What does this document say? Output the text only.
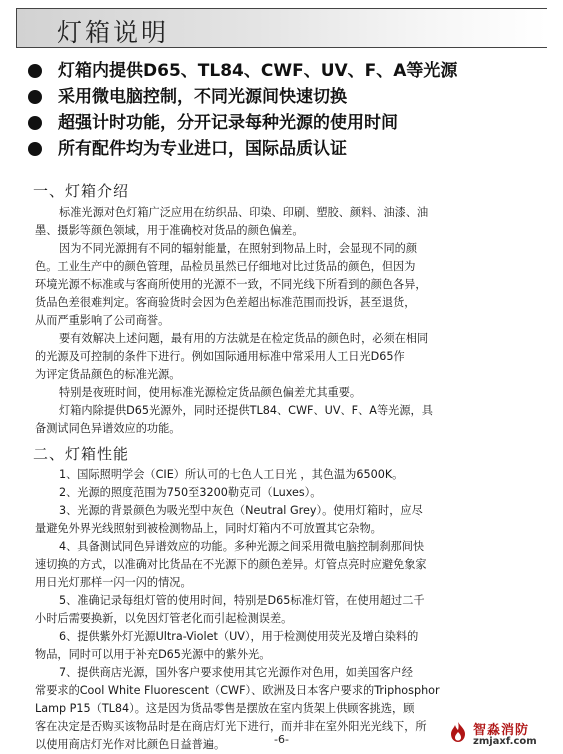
灯箱说明
灯箱内提供D65、TL84、CWF、UV、F、A等光源
采用微电脑控制，不同光源间快速切换
超强计时功能，分开记录每种光源的使用时间
所有配件均为专业进口，国际品质认证
一、灯箱介绍
标准光源对色灯箱广泛应用在纺织品、印染、印刷、塑胶、颜料、油漆、油
墨、摄影等颜色领域，用于准确校对货品的颜色偏差。
因为不同光源拥有不同的辐射能量，在照射到物品上时，会显现不同的颜
色。工业生产中的颜色管理，品检员虽然已仔细地对比过货品的颜色，但因为
环境光源不标准或与客商所使用的光源不一致，不同光线下所看到的颜色各异，
货品色差很难判定。客商验货时会因为色差超出标准范围而投诉，甚至退货，
从而严重影响了公司商誉。
要有效解决上述问题，最有用的方法就是在检定货品的颜色时，必须在相同
的光源及可控制的条件下进行。例如国际通用标准中常采用人工日光D65作
为评定货品颜色的标准光源。
特别是夜班时间，使用标准光源检定货品颜色偏差尤其重要。
灯箱内除提供D65光源外，同时还提供TL84、CWF、UV、F、A等光源，具
备测试同色异谱效应的功能。
二、灯箱性能
1、国际照明学会（CIE）所认可的七色人工日光 ，其色温为6500K。
2、光源的照度范围为750至3200勒克司（Luxes）。
3、光源的背景颜色为吸光型中灰色（Neutral Grey）。使用灯箱时，应尽
量避免外界光线照射到被检测物品上，同时灯箱内不可放置其它杂物。
4、具备测试同色异谱效应的功能。多种光源之间采用微电脑控制刹那间快
速切换的方式，以准确对比货品在不光源下的颜色差异。灯管点亮时应避免象家
用日光灯那样一闪一闪的情况。
5、准确记录每组灯管的使用时间，特别是D65标准灯管，在使用超过二千
小时后需要换新，以免因灯管老化而引起检测误差。
6、提供紫外灯光源Ultra-Violet（UV），用于检测使用荧光及增白染料的
物品，同时可以用于补充D65光源中的紫外光。
7、提供商店光源，国外客户要求使用其它光源作对色用，如美国客户经
常要求的Cool White Fluorescent（CWF）、欧洲及日本客户要求的Triphosphor
Lamp P15（TL84）。这是因为货品零售是摆放在室内货架上供顾客挑选，顾
客在决定是否购买该物品时是在商店灯光下进行，而并非在室外阳光光线下，所
以使用商店灯光作对比颜色日益普遍。	-6-
智淼消防
zmjaxf.com
